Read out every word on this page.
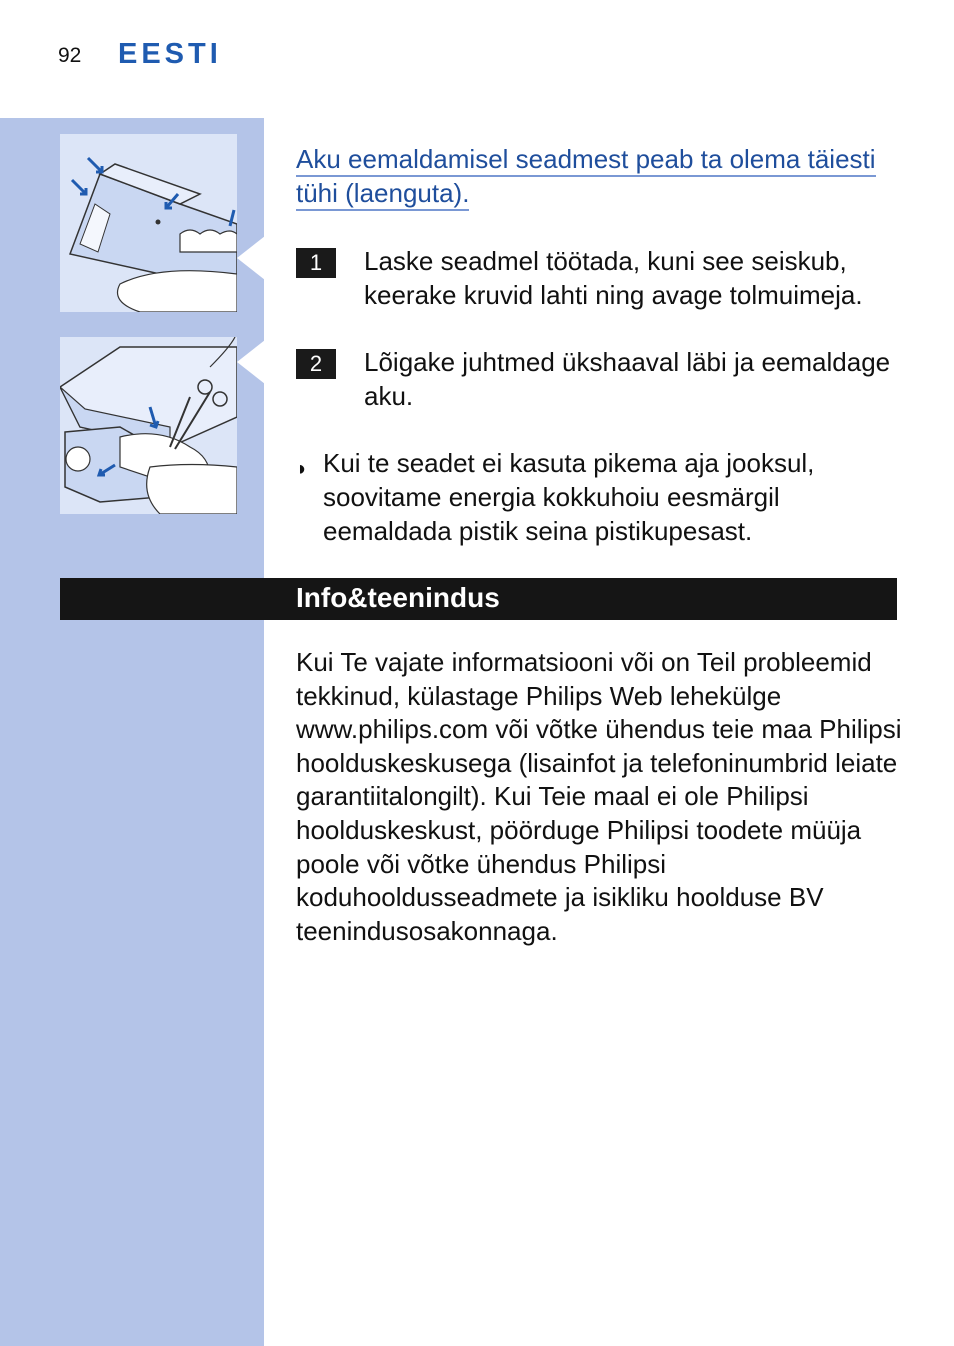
92 EESTI
Aku eemaldamisel seadmest peab ta olema täiesti tühi (laenguta).
1	Laske seadmel töötada, kuni see seiskub, keerake kruvid lahti ning avage tolmuimeja.
2	Lõigake juhtmed ükshaaval läbi ja eemaldage aku.
◗ Kui te seadet ei kasuta pikema aja jooksul, soovitame energia kokkuhoiu eesmärgil eemaldada pistik seina pistikupesast.
Info&teenindus
Kui Te vajate informatsiooni või on Teil probleemid tekkinud, külastage Philips Web lehekülge www.philips.com või võtke ühendus teie maa Philipsi hoolduskeskusega (lisainfot ja telefoninumbrid leiate garantiitalongilt). Kui Teie maal ei ole Philipsi hoolduskeskust, pöörduge Philipsi toodete müüja poole või võtke ühendus Philipsi koduhooldusseadmete ja isikliku hoolduse BV teenindusosakonnaga.
